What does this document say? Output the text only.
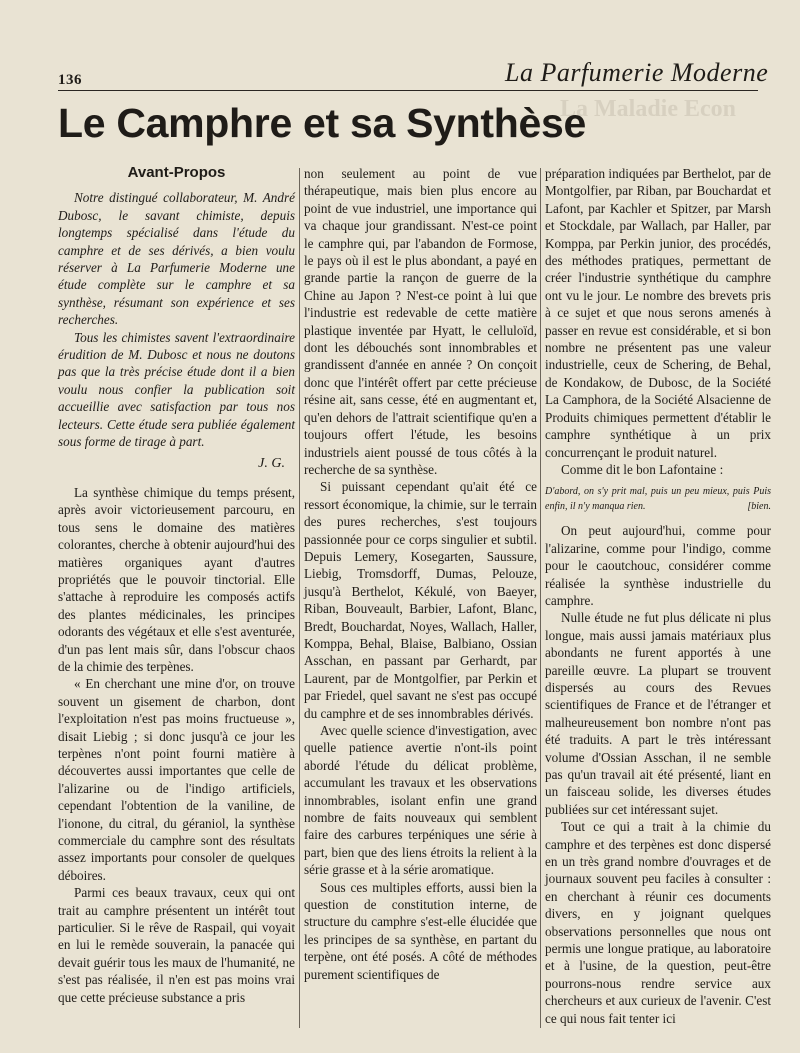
La Maladie Econ
136	La Parfumerie Moderne
Le Camphre et sa Synthèse
Avant-Propos

Notre distingué collaborateur, M. André Dubosc, le savant chimiste, depuis longtemps spécialisé dans l'étude du camphre et de ses dérivés, a bien voulu réserver à La Parfumerie Moderne une étude complète sur le camphre et sa synthèse, résumant son expérience et ses recherches.

Tous les chimistes savent l'extraordinaire érudition de M. Dubosc et nous ne doutons pas que la très précise étude dont il a bien voulu nous confier la publication soit accueillie avec satisfaction par tous nos lecteurs. Cette étude sera publiée également sous forme de tirage à part.

J. G.

La synthèse chimique du temps présent, après avoir victorieusement parcouru, en tous sens le domaine des matières colorantes, cherche à obtenir aujourd'hui des matières organiques ayant d'autres propriétés que le pouvoir tinctorial. Elle s'attache à reproduire les composés actifs des plantes médicinales, les principes odorants des végétaux et elle s'est aventurée, d'un pas lent mais sûr, dans l'obscur chaos de la chimie des terpènes.

« En cherchant une mine d'or, on trouve souvent un gisement de charbon, dont l'exploitation n'est pas moins fructueuse », disait Liebig ; si donc jusqu'à ce jour les terpènes n'ont point fourni matière à découvertes aussi importantes que celle de l'alizarine ou de l'indigo artificiels, cependant l'obtention de la vaniline, de l'ionone, du citral, du géraniol, la synthèse commerciale du camphre sont des résultats assez importants pour consoler de quelques déboires.

Parmi ces beaux travaux, ceux qui ont trait au camphre présentent un intérêt tout particulier. Si le rêve de Raspail, qui voyait en lui le remède souverain, la panacée qui devait guérir tous les maux de l'humanité, ne s'est pas réalisée, il n'en est pas moins vrai que cette précieuse substance a pris

non seulement au point de vue thérapeutique, mais bien plus encore au point de vue industriel, une importance qui va chaque jour grandissant. N'est-ce point le camphre qui, par l'abandon de Formose, le pays où il est le plus abondant, a payé en grande partie la rançon de guerre de la Chine au Japon ? N'est-ce point à lui que l'industrie est redevable de cette matière plastique inventée par Hyatt, le celluloïd, dont les débouchés sont innombrables et grandissent d'année en année ? On conçoit donc que l'intérêt offert par cette précieuse résine ait, sans cesse, été en augmentant et, qu'en dehors de l'attrait scientifique qu'en a toujours offert l'étude, les besoins industriels aient poussé de tous côtés à la recherche de sa synthèse.

Si puissant cependant qu'ait été ce ressort économique, la chimie, sur le terrain des pures recherches, s'est toujours passionnée pour ce corps singulier et subtil. Depuis Lemery, Kosegarten, Saussure, Liebig, Tromsdorff, Dumas, Pelouze, jusqu'à Berthelot, Kékulé, von Baeyer, Riban, Bouveault, Barbier, Lafont, Blanc, Bredt, Bouchardat, Noyes, Wallach, Haller, Komppa, Behal, Blaise, Balbiano, Ossian Asschan, en passant par Gerhardt, par Laurent, par de Montgolfier, par Perkin et par Friedel, quel savant ne s'est pas occupé du camphre et de ses innombrables dérivés.

Avec quelle science d'investigation, avec quelle patience avertie n'ont-ils point abordé l'étude du délicat problème, accumulant les travaux et les observations innombrables, isolant enfin une grand nombre de faits nouveaux qui semblent faire des carbures terpéniques une série à part, bien que des liens étroits la relient à la série grasse et à la série aromatique.

Sous ces multiples efforts, aussi bien la question de constitution interne, de structure du camphre s'est-elle élucidée que les principes de sa synthèse, en partant du terpène, ont été posés. A côté de méthodes purement scientifiques de

préparation indiquées par Berthelot, par de Montgolfier, par Riban, par Bouchardat et Lafont, par Kachler et Spitzer, par Marsh et Stockdale, par Wallach, par Haller, par Komppa, par Perkin junior, des procédés, des méthodes pratiques, permettant de créer l'industrie synthétique du camphre ont vu le jour. Le nombre des brevets pris à ce sujet et que nous serons amenés à passer en revue est considérable, et si bon nombre ne présentent pas une valeur industrielle, ceux de Schering, de Behal, de Kondakow, de Dubosc, de la Société La Camphora, de la Société Alsacienne de Produits chimiques permettent d'établir le camphre synthétique à un prix concurrençant le produit naturel.

Comme dit le bon Lafontaine :

D'abord, on s'y prit mal, puis un peu mieux, puis Puis enfin, il n'y manqua rien.	[bien.

On peut aujourd'hui, comme pour l'alizarine, comme pour l'indigo, comme pour le caoutchouc, considérer comme réalisée la synthèse industrielle du camphre.

Nulle étude ne fut plus délicate ni plus longue, mais aussi jamais matériaux plus abondants ne furent apportés à une pareille œuvre. La plupart se trouvent dispersés au cours des Revues scientifiques de France et de l'étranger et malheureusement bon nombre n'ont pas été traduits. A part le très intéressant volume d'Ossian Asschan, il ne semble pas qu'un travail ait été présenté, liant en un faisceau solide, les diverses études publiées sur cet intéressant sujet.

Tout ce qui a trait à la chimie du camphre et des terpènes est donc dispersé en un très grand nombre d'ouvrages et de journaux souvent peu faciles à consulter : en cherchant à réunir ces documents divers, en y joignant quelques observations personnelles que nous ont permis une longue pratique, au laboratoire et à l'usine, de la question, peut-être pourrons-nous rendre service aux chercheurs et aux curieux de l'avenir. C'est ce qui nous fait tenter ici
